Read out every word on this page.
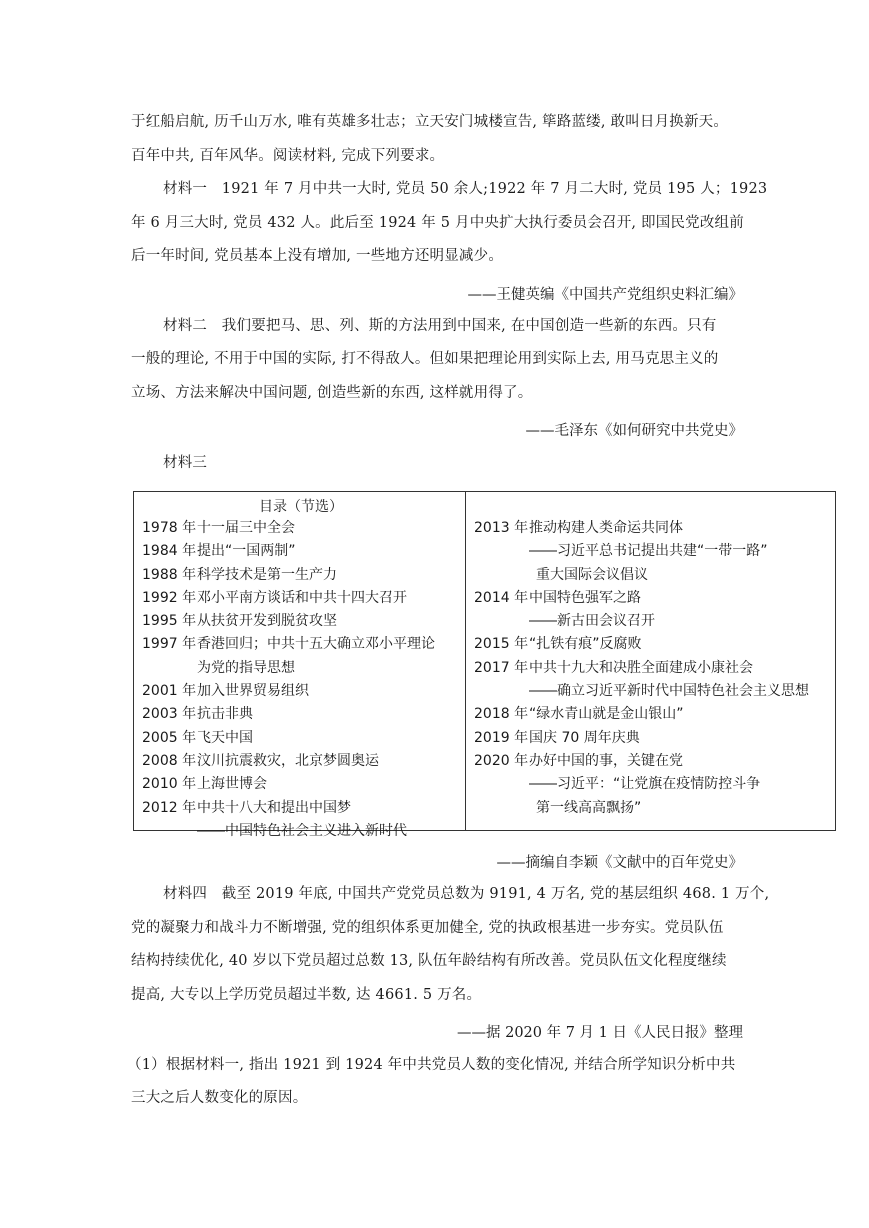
于红船启航, 历千山万水, 唯有英雄多壮志；立天安门城楼宣告, 筚路蓝缕, 敢叫日月换新天。
百年中共, 百年风华。阅读材料, 完成下列要求。
材料一　1921 年 7 月中共一大时, 党员 50 余人;1922 年 7 月二大时, 党员 195 人；1923
年 6 月三大时, 党员 432 人。此后至 1924 年 5 月中央扩大执行委员会召开, 即国民党改组前
后一年时间, 党员基本上没有增加, 一些地方还明显减少。
——王健英编《中国共产党组织史料汇编》
材料二　我们要把马、思、列、斯的方法用到中国来, 在中国创造一些新的东西。只有
一般的理论, 不用于中国的实际, 打不得敌人。但如果把理论用到实际上去, 用马克思主义的
立场、方法来解决中国问题, 创造些新的东西, 这样就用得了。
——毛泽东《如何研究中共党史》
材料三
目录（节选）
1978 年十一届三中全会
1984 年提出“一国两制”
1988 年科学技术是第一生产力
1992 年邓小平南方谈话和中共十四大召开
1995 年从扶贫开发到脱贫攻坚
1997 年香港回归；中共十五大确立邓小平理论
为党的指导思想
2001 年加入世界贸易组织
2003 年抗击非典
2005 年飞天中国
2008 年汶川抗震救灾，北京梦圆奥运
2010 年上海世博会
2012 年中共十八大和提出中国梦
――中国特色社会主义进入新时代
2013 年推动构建人类命运共同体
――习近平总书记提出共建“一带一路”
重大国际会议倡议
2014 年中国特色强军之路
――新古田会议召开
2015 年“扎铁有痕”反腐败
2017 年中共十九大和决胜全面建成小康社会
――确立习近平新时代中国特色社会主义思想
2018 年“绿水青山就是金山银山”
2019 年国庆 70 周年庆典
2020 年办好中国的事，关键在党
――习近平：“让党旗在疫情防控斗争
第一线高高飘扬”
——摘编自李颖《文献中的百年党史》
材料四　截至 2019 年底, 中国共产党党员总数为 9191, 4 万名, 党的基层组织 468. 1 万个,
党的凝聚力和战斗力不断增强, 党的组织体系更加健全, 党的执政根基进一步夯实。党员队伍
结构持续优化, 40 岁以下党员超过总数 13, 队伍年龄结构有所改善。党员队伍文化程度继续
提高, 大专以上学历党员超过半数, 达 4661. 5 万名。
——据 2020 年 7 月 1 日《人民日报》整理
（1）根据材料一, 指出 1921 到 1924 年中共党员人数的变化情况, 并结合所学知识分析中共
三大之后人数变化的原因。
